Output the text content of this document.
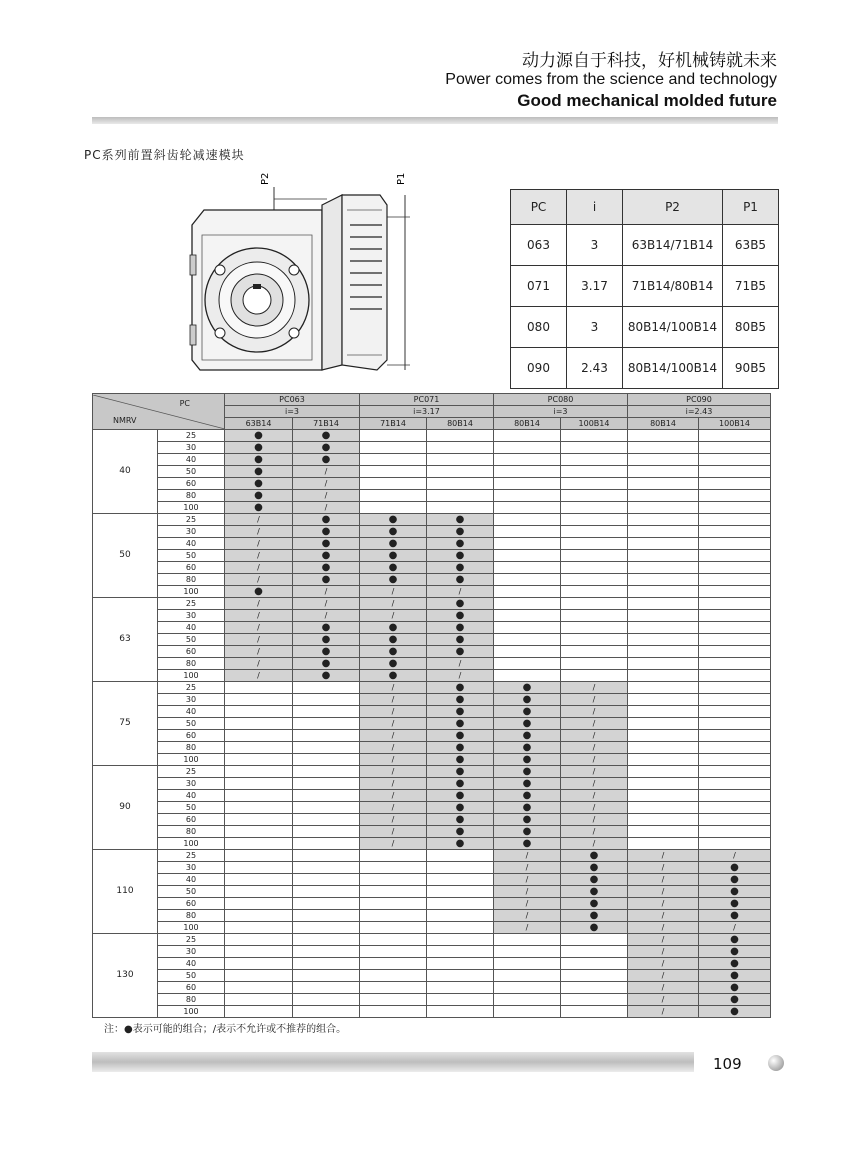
动力源自于科技，好机械铸就未来
Power comes from the science and technology
Good mechanical molded future
PC系列前置斜齿轮减速模块
P2	P1
PC	i	P2	P1
063	3	63B14/71B14	63B5
071	3.17	71B14/80B14	71B5
080	3	80B14/100B14	80B5
090	2.43	80B14/100B14	90B5
PC
NMRV		PC063		PC071		PC080		PC090	
		i=3		i=3.17		i=3		i=2.43	
		63B14	71B14	71B14	80B14	80B14	100B14	80B14	100B14
40	25	●	●						
	30	●	●						
	40	●	●						
	50	●	/						
	60	●	/						
	80	●	/						
	100	●	/						
50	25	/	●	●	●				
	30	/	●	●	●				
	40	/	●	●	●				
	50	/	●	●	●				
	60	/	●	●	●				
	80	/	●	●	●				
	100	●	/	/	/				
63	25	/	/	/	●				
	30	/	/	/	●				
	40	/	●	●	●				
	50	/	●	●	●				
	60	/	●	●	●				
	80	/	●	●	/				
	100	/	●	●	/				
75	25			/	●	●	/		
	30			/	●	●	/		
	40			/	●	●	/		
	50			/	●	●	/		
	60			/	●	●	/		
	80			/	●	●	/		
	100			/	●	●	/		
90	25			/	●	●	/		
	30			/	●	●	/		
	40			/	●	●	/		
	50			/	●	●	/		
	60			/	●	●	/		
	80			/	●	●	/		
	100			/	●	●	/		
110	25					/	●	/	/
	30					/	●	/	●
	40					/	●	/	●
	50					/	●	/	●
	60					/	●	/	●
	80					/	●	/	●
	100					/	●	/	/
130	25							/	●
	30							/	●
	40							/	●
	50							/	●
	60							/	●
	80							/	●
	100							/	●
注：●表示可能的组合；/表示不允许或不推荐的组合。
109
